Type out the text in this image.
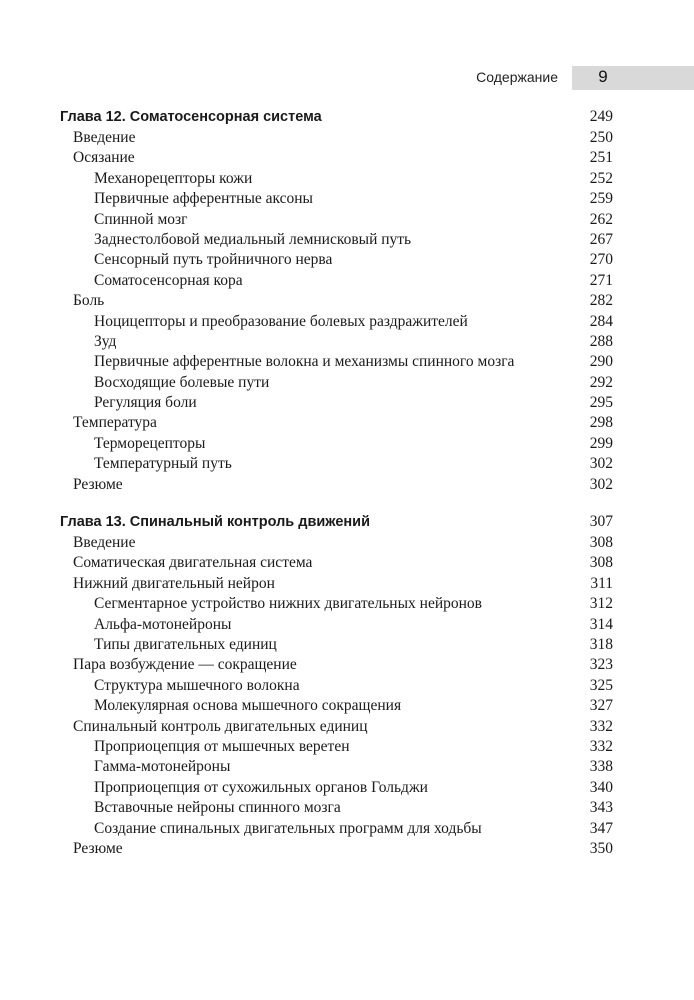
Содержание	9
Глава 12. Соматосенсорная система	249
Введение	250
Осязание	251
Механорецепторы кожи	252
Первичные афферентные аксоны	259
Спинной мозг	262
Заднестолбовой медиальный лемнисковый путь	267
Сенсорный путь тройничного нерва	270
Соматосенсорная кора	271
Боль	282
Ноцицепторы и преобразование болевых раздражителей	284
Зуд	288
Первичные афферентные волокна и механизмы спинного мозга	290
Восходящие болевые пути	292
Регуляция боли	295
Температура	298
Терморецепторы	299
Температурный путь	302
Резюме	302
Глава 13. Спинальный контроль движений	307
Введение	308
Соматическая двигательная система	308
Нижний двигательный нейрон	311
Сегментарное устройство нижних двигательных нейронов	312
Альфа-мотонейроны	314
Типы двигательных единиц	318
Пара возбуждение — сокращение	323
Структура мышечного волокна	325
Молекулярная основа мышечного сокращения	327
Спинальный контроль двигательных единиц	332
Проприоцепция от мышечных веретен	332
Гамма-мотонейроны	338
Проприоцепция от сухожильных органов Гольджи	340
Вставочные нейроны спинного мозга	343
Создание спинальных двигательных программ для ходьбы	347
Резюме	350
